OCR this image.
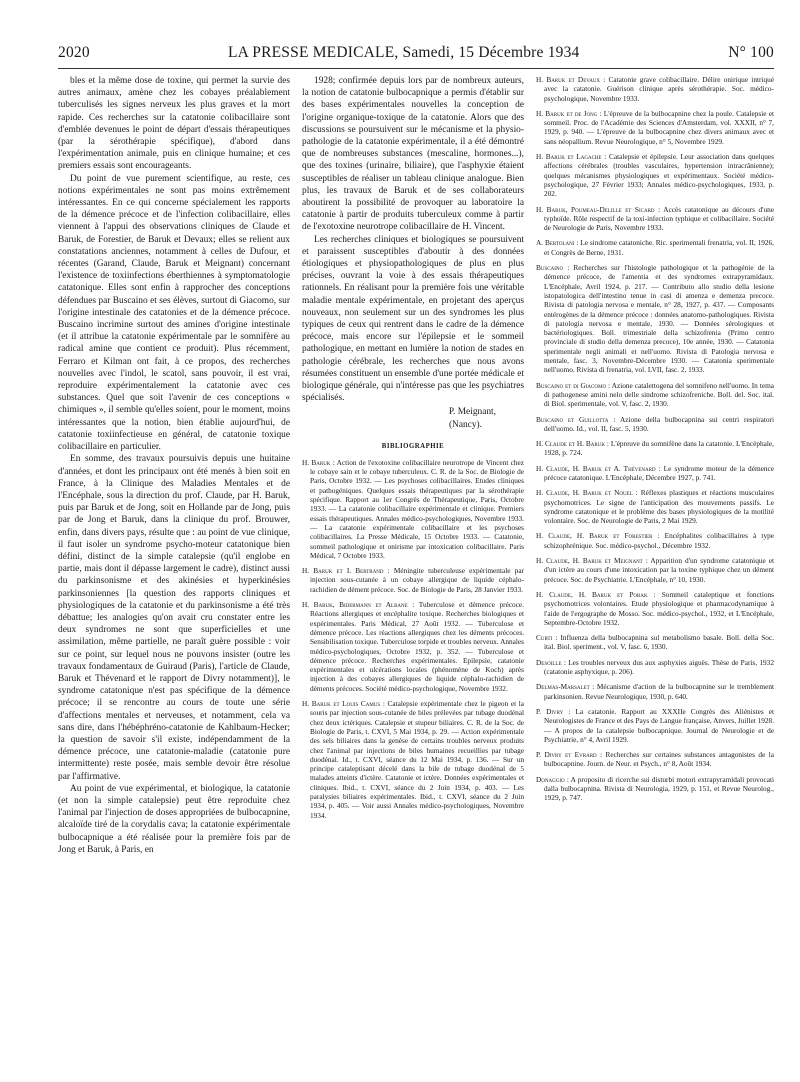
2020	LA PRESSE MEDICALE, Samedi, 15 Décembre 1934	N° 100

bles et la même dose de toxine, qui permet la survie des autres animaux, amène chez les cobayes préalablement tuberculisés les signes nerveux les plus graves et la mort rapide. Ces recherches sur la catatonie colibacillaire sont d'emblée devenues le point de départ d'essais thérapeutiques (par la sérothérapie spécifique), d'abord dans l'expérimentation animale, puis en clinique humaine; et ces premiers essais sont encourageants.

Du point de vue purement scientifique, au reste, ces notions expérimentales ne sont pas moins extrêmement intéressantes. En ce qui concerne spécialement les rapports de la démence précoce et de l'infection colibacillaire, elles viennent à l'appui des observations cliniques de Claude et Baruk, de Forestier, de Baruk et Devaux; elles se relient aux constatations anciennes, notamment à celles de Dufour, et récentes (Garand, Claude, Baruk et Meignant) concernant l'existence de toxiinfections éberthiennes à symptomatologie catatonique. Elles sont enfin à rapprocher des conceptions défendues par Buscaino et ses élèves, surtout di Giacomo, sur l'origine intestinale des catatonies et de la démence précoce. Buscaino incrimine surtout des amines d'origine intestinale (et il attribue la catatonie expérimentale par le somnifère au radical amine que contient ce produit). Plus récemment, Ferraro et Kilman ont fait, à ce propos, des recherches nouvelles avec l'indol, le scatol, sans pouvoir, il est vrai, reproduire expérimentalement la catatonie avec ces substances. Quel que soit l'avenir de ces conceptions « chimiques », il semble qu'elles soient, pour le moment, moins intéressantes que la notion, bien établie aujourd'hui, de catatonie toxiinfectieuse en général, de catatonie toxique colibacillaire en particulier.

En somme, des travaux poursuivis depuis une huitaine d'années, et dont les principaux ont été menés à bien soit en France, à la Clinique des Maladies Mentales et de l'Encéphale, sous la direction du prof. Claude, par H. Baruk, puis par Baruk et de Jong, soit en Hollande par de Jong, puis par de Jong et Baruk, dans la clinique du prof. Brouwer, enfin, dans divers pays, résulte que : au point de vue clinique, il faut isoler un syndrome psycho-moteur catatonique bien défini, distinct de la simple catalepsie (qu'il englobe en partie, mais dont il dépasse largement le cadre), distinct aussi du parkinsonisme et des akinésies et hyperkinésies parkinsoniennes [la question des rapports cliniques et physiologiques de la catatonie et du parkinsonisme a été très débattue; les analogies qu'on avait cru constater entre les deux syndromes ne sont que superficielles et une assimilation, même partielle, ne paraît guère possible : voir sur ce point, sur lequel nous ne pouvons insister (outre les travaux fondamentaux de Guiraud (Paris), l'article de Claude, Baruk et Thévenard et le rapport de Divry notamment)], le syndrome catatonique n'est pas spécifique de la démence précoce; il se rencontre au cours de toute une série d'affections mentales et nerveuses, et notamment, cela va sans dire, dans l'hébéphréno-catatonie de Kahlbaum-Hecker; la question de savoir s'il existe, indépendamment de la démence précoce, une catatonie-maladie (catatonie pure intermittente) reste posée, mais semble devoir être résolue par l'affirmative.

Au point de vue expérimental, et biologique, la catatonie (et non la simple catalepsie) peut être reproduite chez l'animal par l'injection de doses appropriées de bulbocapnine, alcaloïde tiré de la corydalis cava; la catatonie expérimentale bulbocapnique a été réalisée pour la première fois par de Jong et Baruk, à Paris, en

1928; confirmée depuis lors par de nombreux auteurs, la notion de catatonie bulbocapnique a permis d'établir sur des bases expérimentales nouvelles la conception de l'origine organique-toxique de la catatonie. Alors que des discussions se poursuivent sur le mécanisme et la physio-pathologie de la catatonie expérimentale, il a été démontré que de nombreuses substances (mescaline, hormones...), que des toxines (urinaire, biliaire), que l'asphyxie étaient susceptibles de réaliser un tableau clinique analogue. Bien plus, les travaux de Baruk et de ses collaborateurs aboutirent la possibilité de provoquer au laboratoire la catatonie à partir de produits tuberculeux comme à partir de l'exotoxine neurotrope colibacillaire de H. Vincent.

Les recherches cliniques et biologiques se poursuivent et paraissent susceptibles d'aboutir à des données étiologiques et physiopathologiques de plus en plus précises, ouvrant la voie à des essais thérapeutiques rationnels. En réalisant pour la première fois une véritable maladie mentale expérimentale, en projetant des aperçus nouveaux, non seulement sur un des syndromes les plus typiques de ceux qui rentrent dans le cadre de la démence précoce, mais encore sur l'épilepsie et le sommeil pathologique, en mettant en lumière la notion de stades en pathologie cérébrale, les recherches que nous avons résumées constituent un ensemble d'une portée médicale et biologique générale, qui n'intéresse pas que les psychiatres spécialisés.

P. Meignant,
(Nancy).
BIBLIOGRAPHIE
H. Baruk : Action de l'exotoxine colibacillaire neurotrope de Vincent chez le cobaye sain et le cobaye tuberculeux. C. R. de la Soc. de Biologie de Paris, Octobre 1932. — Les psychoses colibacillaires. Etudes cliniques et pathogéniques. Quelques essais thérapeutiques par la sérothérapie spécifique. Rapport au 1er Congrès de Thérapeutique, Paris, Octobre 1933. — La catatonie colibacillaire expérimentale et clinique. Premiers essais thérapeutiques. Annales médico-psychologiques, Novembre 1933. — La catatonie expérimentale colibacillaire et les psychoses colibacillaires. La Presse Médicale, 15 Octobre 1933. — Catatonie, sommeil pathologique et onirisme par intoxication colibacillaire. Paris Médical, 7 Octobre 1933.
H. Baruk et I. Bertrand : Méningite tuberculeuse expérimentale par injection sous-cutanée à un cobaye allergique de liquide céphalo-rachidien de dément précoce. Soc. de Biologie de Paris, 28 Janvier 1933.
H. Baruk, Bidermann et Albane : Tuberculose et démence précoce. Réactions allergiques et encéphalite toxique. Recherches biologiques et expérimentales. Paris Médical, 27 Août 1932. — Tuberculose et démence précoce. Les réactions allergiques chez les déments précoces. Sensibilisation toxique. Tuberculose torpide et troubles nerveux. Annales médico-psychologiques, Octobre 1932, p. 352. — Tuberculose et démence précoce. Recherches expérimentales. Epilepsie, catatonie expérimentales et ulcérations locales (phénomène de Koch) après injection à des cobayes allergiques de liquide céphalo-rachidien de déments précoces. Société médico-psychologique, Novembre 1932.
H. Baruk et Louis Camus : Catalepsie expérimentale chez le pigeon et la souris par injection sous-cutanée de biles prélevées par tubage duodénal chez deux ictériques. Catalepsie et stupeur biliaires. C. R. de la Soc. de Biologie de Paris, t. CXVI, 5 Mai 1934, p. 29. — Action expérimentale des sels biliaires dans la genèse de certains troubles nerveux produits chez l'animal par injections de biles humaines recueillies par tubage duodénal. Id., t. CXVI, séance du 12 Mai 1934, p. 136. — Sur un principe cataleptisant décelé dans la bile de tubage duodénal de 5 malades atteints d'ictère. Catatonie et ictère. Données expérimentales et cliniques. Ibid., t. CXVI, séance du 2 Juin 1934, p. 403. — Les paralysies biliaires expérimentales. Ibid., t. CXVI, séance du 2 Juin 1934, p. 405. — Voir aussi Annales médico-psychologiques, Novembre 1934.
H. Baruk et Devaux : Catatonie grave colibacillaire. Délire onirique intriqué avec la catatonie. Guérison clinique après sérothérapie. Soc. médico-psychologique, Novembre 1933.
H. Baruk et de Jong : L'épreuve de la bulbocapnine chez la poule. Catalepsie et sommeil. Proc. de l'Académie des Sciences d'Amsterdam, vol. XXXII, n° 7, 1929, p. 940. — L'épreuve de la bulbocapnine chez divers animaux avec et sans néopallium. Revue Neurologique, n° 5, Novembre 1929.
H. Baruk et Lagache : Catalepsie et épilepsie. Leur association dans quelques affections cérébrales (troubles vasculaires, hypertension intracrânienne); quelques mécanismes physiologiques et expérimentaux. Société médico-psychologique, 27 Février 1933; Annales médico-psychologiques, 1933, p. 202.
H. Baruk, Poumeau-Delille et Sicard : Accès catatonique au décours d'une typhoïde. Rôle respectif de la toxi-infection typhique et colibacillaire. Société de Neurologie de Paris, Novembre 1933.
A. Bertolani : Le sindrome catatoniche. Ric. sperimentali frenatria, vol. II, 1926, et Congrès de Berne, 1931.
Buscaino : Recherches sur l'histologie pathologique et la pathogénie de la démence précoce, de l'amentia et des syndromes extrapyramidaux. L'Encéphale, Avril 1924, p. 217. — Contributo allo studio della lesione istopatologica dell'intestino tenue in casi di amenza e demenza precoce. Rivista di patologia nervosa e mentale, n° 28, 1927, p. 437. — Composants entérogènes de la démence précoce : données anatomo-pathologiques. Rivista di patologia nervosa e mentale, 1930. — Données sérologiques et bactériologiques. Boll. trimestriale della schizofrenia (Primo centro provinciale di studio della demenza precoce), 10e année, 1930. — Catatonia sperimentale negli animali et nell'uomo. Rivista di Patologia nervosa e mentale, fasc. 3, Novembre-Décembre 1930. — Catatonia sperimentale nell'uomo. Rivista di frenatria, vol. LVII, fasc. 2, 1933.
Buscaino et di Giacomo : Azione catalettogena del somnifeno nell'uomo. In tema di pathogenese amini nelo delle sindrome schizofreniche. Boll. del. Soc. ital. di Biol. sperimentale, vol. V, fasc. 2, 1930.
Buscaino et Guillotta : Azione della bulbocapnina sui centri respiratori dell'uomo. Id., vol. II, fasc. 5, 1930.
H. Claude et H. Baruk : L'épreuve du somnifène dans la catatonie. L'Encéphale, 1928, p. 724.
H. Claude, H. Baruk et A. Thévenard : Le syndrome moteur de la démence précoce catatonique. L'Encéphale, Décembre 1927, p. 741.
H. Claude, H. Baruk et Nouel : Réflexes plastiques et réactions musculaires psychomotrices. Le signe de l'anticipation des mouvements passifs. Le syndrome catatonique et le problème des bases physiologiques de la motilité volontaire. Soc. de Neurologie de Paris, 2 Mai 1929.
H. Claude, H. Baruk et Forestier : Encéphalites colibacillaires à type schizophrénique. Soc. médico-psychol., Décembre 1932.
H. Claude, H. Baruk et Meignant : Apparition d'un syndrome catatonique et d'un ictère au cours d'une intoxication par la toxine typhique chez un dément précoce. Soc. de Psychiatrie. L'Encéphale, n° 10, 1930.
H. Claude, H. Baruk et Porak : Sommeil cataleptique et fonctions psychomotrices volontaires. Etude physiologique et pharmacodynamique à l'aide de l'ergographe de Mosso. Soc. médico-psychol., 1932, et L'Encéphale, Septembre-Octobre 1932.
Curti : Influenza della bulbocapnina sul metabolismo basale. Boll. della Soc. ital. Biol. speriment., vol. V, fasc. 6, 1930.
Desoille : Les troubles nerveux dus aux asphyxies aiguës. Thèse de Paris, 1932 (catatonie asphyxique, p. 206).
Delmas-Marsalet : Mécanisme d'action de la bulbocapnine sur le tremblement parkinsonien. Revue Neurologique, 1930, p. 640.
P. Divry : La catatonie. Rapport au XXXIIe Congrès des Aliénistes et Neurologistes de France et des Pays de Langue française, Anvers, Juillet 1928. — A propos de la catalepsie bulbocapnique. Journal de Neurologie et de Psychiatrie, n° 4, Avril 1929.
P. Divry et Evrard : Recherches sur certaines substances antagonistes de la bulbocapnine. Journ. de Neur. et Psych., n° 8, Août 1934.
Donaggio : A proposito di ricerche sui disturbi motori extrapyramidali provocati dalla bulbocapnina. Rivista di Neurologia, 1929, p. 151, et Revue Neurolog., 1929, p. 747.
